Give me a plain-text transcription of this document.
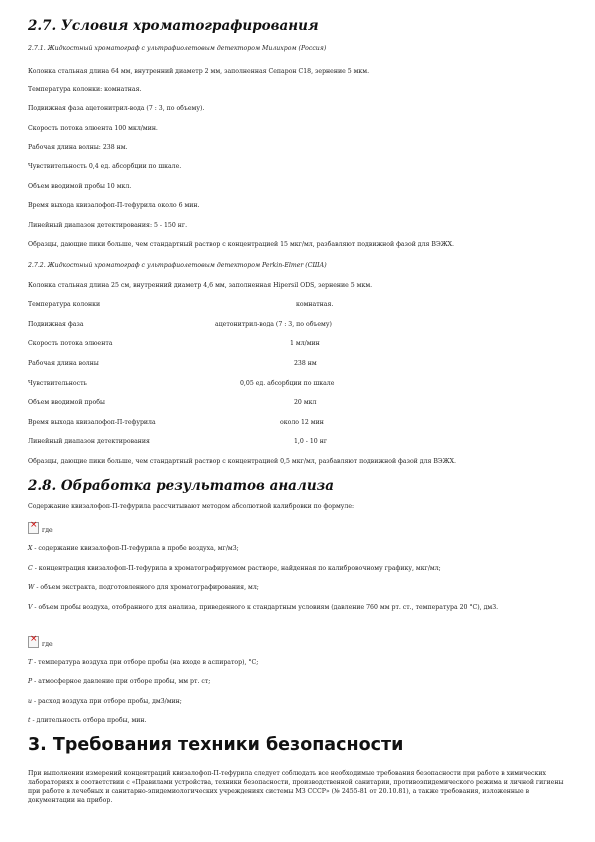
2.7. Условия хроматографирования
2.7.1. Жидкостный хроматограф с ультрафиолетовым детектором Милихром (Россия)
Колонка стальная длина 64 мм, внутренний диаметр 2 мм, заполненная Сепарон С18, зернение 5 мкм.
Температура колонки: комнатная.
Подвижная фаза ацетонитрил-вода (7 : 3, по объему).
Скорость потока элюента 100 мкл/мин.
Рабочая длина волны: 238 нм.
Чувствительность 0,4 ед. абсорбции по шкале.
Объем вводимой пробы 10 мкл.
Время выхода квизалофоп-П-тефурила около 6 мин.
Линейный диапазон детектирования: 5 - 150 нг.
Образцы, дающие пики больше, чем стандартный раствор с концентрацией 15 мкг/мл, разбавляют подвижной фазой для ВЭЖХ.
2.7.2. Жидкостный хроматограф с ультрафиолетовым детектором Perkin-Elmer (США)
Колонка стальная длина 25 см, внутренний диаметр 4,6 мм, заполненная Hipersil ODS, зернение 5 мкм.
Температура колонки	комнатная.
Подвижная фаза	ацетонитрил-вода (7 : 3, по объему)
Скорость потока элюента	1 мл/мин
Рабочая длина волны	238 нм
Чувствительность	0,05 ед. абсорбции по шкале
Объем вводимой пробы	20 мкл
Время выхода квизалофоп-П-тефурила	около 12 мин
Линейный диапазон детектирования	1,0 - 10 нг
Образцы, дающие пики больше, чем стандартный раствор с концентрацией 0,5 мкг/мл, разбавляют подвижной фазой для ВЭЖХ.
2.8. Обработка результатов анализа
Содержание квизалофоп-П-тефурила рассчитывают методом абсолютной калибровки по формуле:
× где
X - содержание квизалофоп-П-тефурила в пробе воздуха, мг/м3;
C - концентрация квизалофоп-П-тефурила в хроматографируемом растворе, найденная по калибровочному графику, мкг/мл;
W - объем экстракта, подготовленного для хроматографирования, мл;
V - объем пробы воздуха, отобранного для анализа, приведенного к стандартным условиям (давление 760 мм рт. ст., температура 20 °С), дм3.
× где
T - температура воздуха при отборе пробы (на входе в аспиратор), °С;
P - атмосферное давление при отборе пробы, мм рт. ст;
u - расход воздуха при отборе пробы, дм3/мин;
t - длительность отбора пробы, мин.
3. Требования техники безопасности
При выполнении измерений концентраций квизалофоп-П-тефурила следует соблюдать все необходимые требования безопасности при работе в химических лабораториях в соответствии с «Правилами устройства, техники безопасности, производственной санитарии, противоэпидемического режима и личной гигиены при работе в лечебных и санитарно-эпидемиологических учреждениях системы МЗ СССР» (№ 2455-81 от 20.10.81), а также требования, изложенные в документации на прибор.
